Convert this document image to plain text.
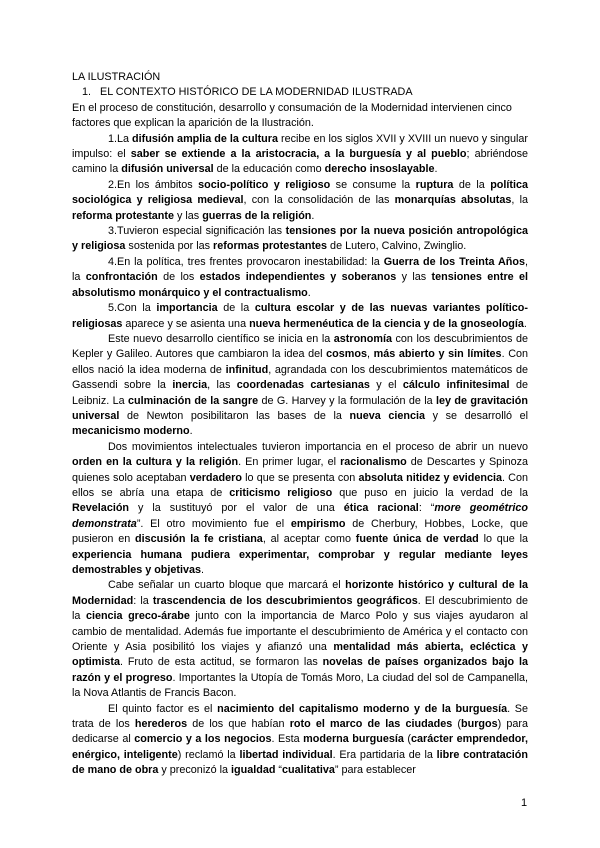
LA ILUSTRACIÓN
1. EL CONTEXTO HISTÓRICO DE LA MODERNIDAD ILUSTRADA

En el proceso de constitución, desarrollo y consumación de la Modernidad intervienen cinco factores que explican la aparición de la Ilustración.

1.La difusión amplia de la cultura recibe en los siglos XVII y XVIII un nuevo y singular impulso: el saber se extiende a la aristocracia, a la burguesía y al pueblo; abriéndose camino la difusión universal de la educación como derecho insoslayable.

2.En los ámbitos socio-político y religioso se consume la ruptura de la política sociológica y religiosa medieval, con la consolidación de las monarquías absolutas, la reforma protestante y las guerras de la religión.

3.Tuvieron especial significación las tensiones por la nueva posición antropológica y religiosa sostenida por las reformas protestantes de Lutero, Calvino, Zwinglio.

4.En la política, tres frentes provocaron inestabilidad: la Guerra de los Treinta Años, la confrontación de los estados independientes y soberanos y las tensiones entre el absolutismo monárquico y el contractualismo.

5.Con la importancia de la cultura escolar y de las nuevas variantes político-religiosas aparece y se asienta una nueva hermenéutica de la ciencia y de la gnoseología.

Este nuevo desarrollo científico se inicia en la astronomía con los descubrimientos de Kepler y Galileo. Autores que cambiaron la idea del cosmos, más abierto y sin límites. Con ellos nació la idea moderna de infinitud, agrandada con los descubrimientos matemáticos de Gassendi sobre la inercia, las coordenadas cartesianas y el cálculo infinitesimal de Leibniz. La culminación de la sangre de G. Harvey y la formulación de la ley de gravitación universal de Newton posibilitaron las bases de la nueva ciencia y se desarrolló el mecanicismo moderno.

Dos movimientos intelectuales tuvieron importancia en el proceso de abrir un nuevo orden en la cultura y la religión. En primer lugar, el racionalismo de Descartes y Spinoza quienes solo aceptaban verdadero lo que se presenta con absoluta nitidez y evidencia. Con ellos se abría una etapa de criticismo religioso que puso en juicio la verdad de la Revelación y la sustituyó por el valor de una ética racional: “more geométrico demonstrata”. El otro movimiento fue el empirismo de Cherbury, Hobbes, Locke, que pusieron en discusión la fe cristiana, al aceptar como fuente única de verdad lo que la experiencia humana pudiera experimentar, comprobar y regular mediante leyes demostrables y objetivas.

Cabe señalar un cuarto bloque que marcará el horizonte histórico y cultural de la Modernidad: la trascendencia de los descubrimientos geográficos. El descubrimiento de la ciencia greco-árabe junto con la importancia de Marco Polo y sus viajes ayudaron al cambio de mentalidad. Además fue importante el descubrimiento de América y el contacto con Oriente y Asia posibilitó los viajes y afianzó una mentalidad más abierta, ecléctica y optimista. Fruto de esta actitud, se formaron las novelas de países organizados bajo la razón y el progreso. Importantes la Utopía de Tomás Moro, La ciudad del sol de Campanella, la Nova Atlantis de Francis Bacon.

El quinto factor es el nacimiento del capitalismo moderno y de la burguesía. Se trata de los herederos de los que habían roto el marco de las ciudades (burgos) para dedicarse al comercio y a los negocios. Esta moderna burguesía (carácter emprendedor, enérgico, inteligente) reclamó la libertad individual. Era partidaria de la libre contratación de mano de obra y preconizó la igualdad “cualitativa” para establecer

1
